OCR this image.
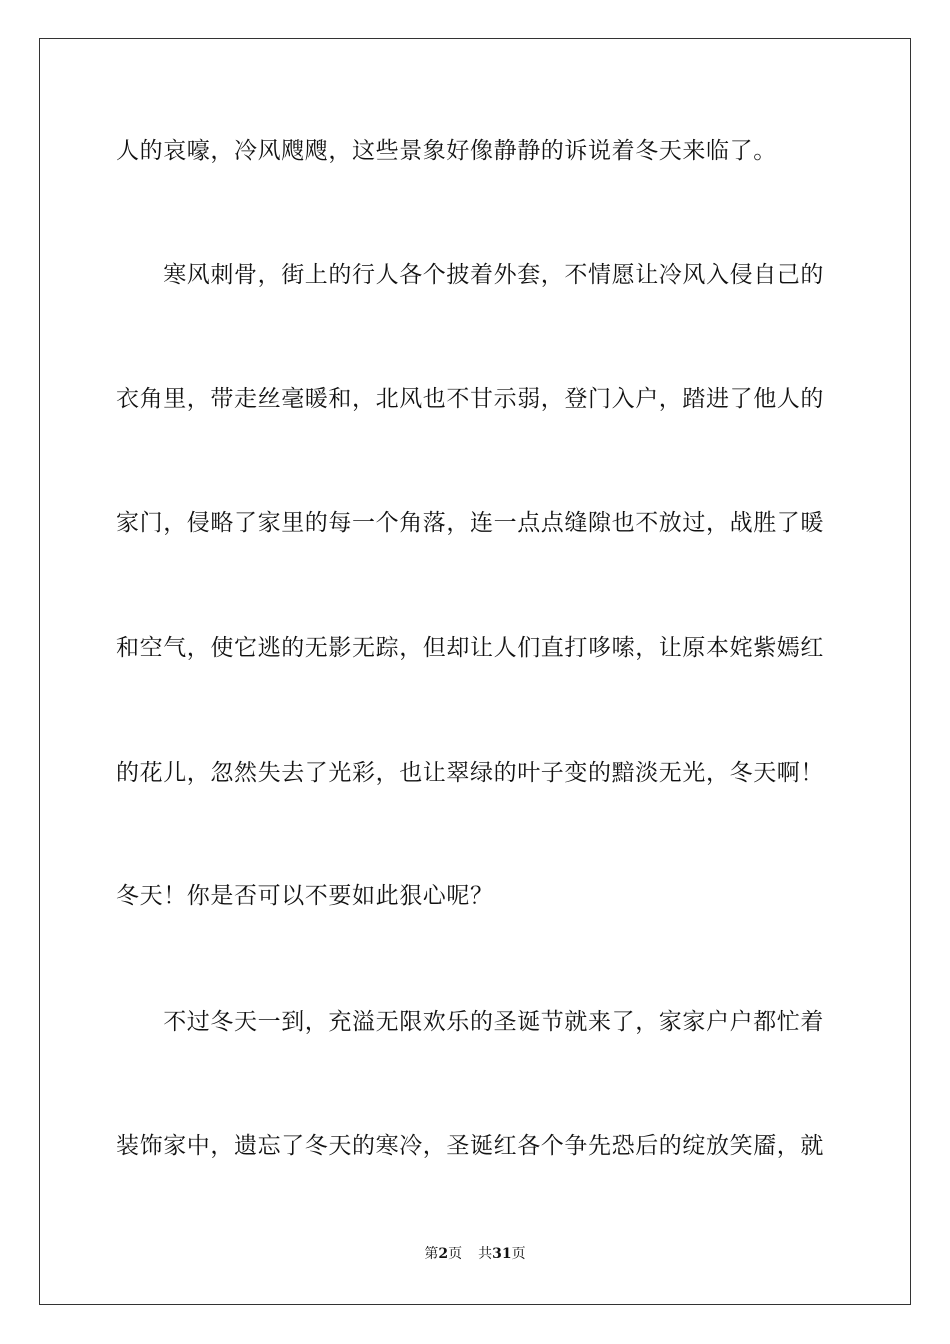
人的哀嚎，冷风飕飕，这些景象好像静静的诉说着冬天来临了。
　　寒风刺骨，街上的行人各个披着外套，不情愿让冷风入侵自己的
衣角里，带走丝毫暖和，北风也不甘示弱，登门入户，踏进了他人的
家门，侵略了家里的每一个角落，连一点点缝隙也不放过，战胜了暖
和空气，使它逃的无影无踪，但却让人们直打哆嗦，让原本姹紫嫣红
的花儿，忽然失去了光彩，也让翠绿的叶子变的黯淡无光，冬天啊！
冬天！你是否可以不要如此狠心呢？
　　不过冬天一到，充溢无限欢乐的圣诞节就来了，家家户户都忙着
装饰家中，遗忘了冬天的寒冷，圣诞红各个争先恐后的绽放笑靥，就
第2页 共31页
